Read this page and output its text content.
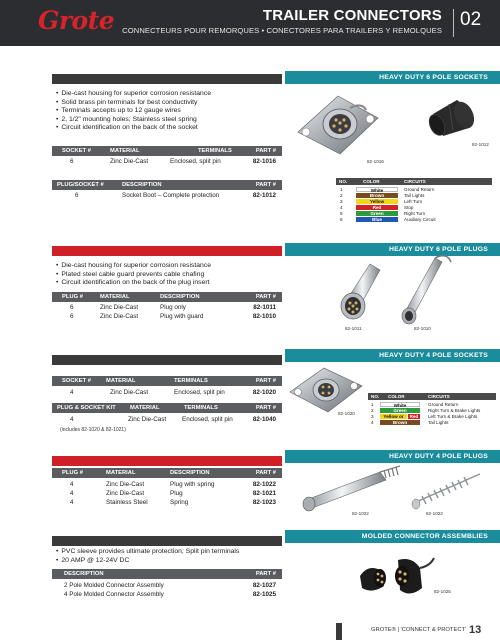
Grote	TRAILER CONNECTORS
CONNECTEURS POUR REMORQUES • CONECTORES PARA TRAILERS Y REMOLQUES
02
HEAVY DUTY 6 POLE SOCKETS
• Die-cast housing for superior corrosion resistance
• Solid brass pin terminals for best conductivity
• Terminals accepts up to 12 gauge wires
• 2, 1/2" mounting holes; Stainless steel spring
• Circuit identification on the back of the socket
SOCKET #	MATERIAL	TERMINALS	PART #
6	Zinc Die-Cast	Enclosed, split pin	82-1016
PLUG/SOCKET #	DESCRIPTION	PART #
6	Socket Boot – Complete protection	82-1012
82-1016
82-1012
NO.	COLOR	CIRCUITS
1	White	Ground Return
2	Brown	Tail Lights
3	Yellow	Left Turn
4	Red	Stop
5	Green	Right Turn
6	Blue	Auxiliary Circuit
HEAVY DUTY 6 POLE PLUGS
• Die-cast housing for superior corrosion resistance
• Plated steel cable guard prevents cable chafing
• Circuit identification on the back of the plug insert
PLUG #	MATERIAL	DESCRIPTION	PART #
6	Zinc Die-Cast	Plug only	82-1011
6	Zinc Die-Cast	Plug with guard	82-1010
82-1011	82-1010
HEAVY DUTY 4 POLE SOCKETS
SOCKET #	MATERIAL	TERMINALS	PART #
4	Zinc Die-Cast	Enclosed, split pin	82-1020
PLUG & SOCKET KIT MATERIAL	TERMINALS	PART #
4	Zinc Die-Cast	Enclosed, split pin	82-1040
(includes 82-1020 & 82-1021)
82-1020
NO. COLOR	CIRCUITS
1	White	Ground Return
2	Green	Right Turn & Brake Lights
3	Yellow or	Red	Left Turn & Brake Lights
4	Brown	Tail Lights
HEAVY DUTY 4 POLE PLUGS
PLUG #	MATERIAL	DESCRIPTION	PART #
4	Zinc Die-Cast	Plug with spring	82-1022
4	Zinc Die-Cast	Plug	82-1021
4	Stainless Steel	Spring	82-1023
82-1022	82-1023
MOLDED CONNECTOR ASSEMBLIES
• PVC sleeve provides ultimate protection; Split pin terminals
• 20 AMP @ 12-24V DC
DESCRIPTION	PART #
2 Pole Molded Connector Assembly	82-1027
4 Pole Molded Connector Assembly	82-1025	82-1025
GROTE® | 'CONNECT & PROTECT' 13
